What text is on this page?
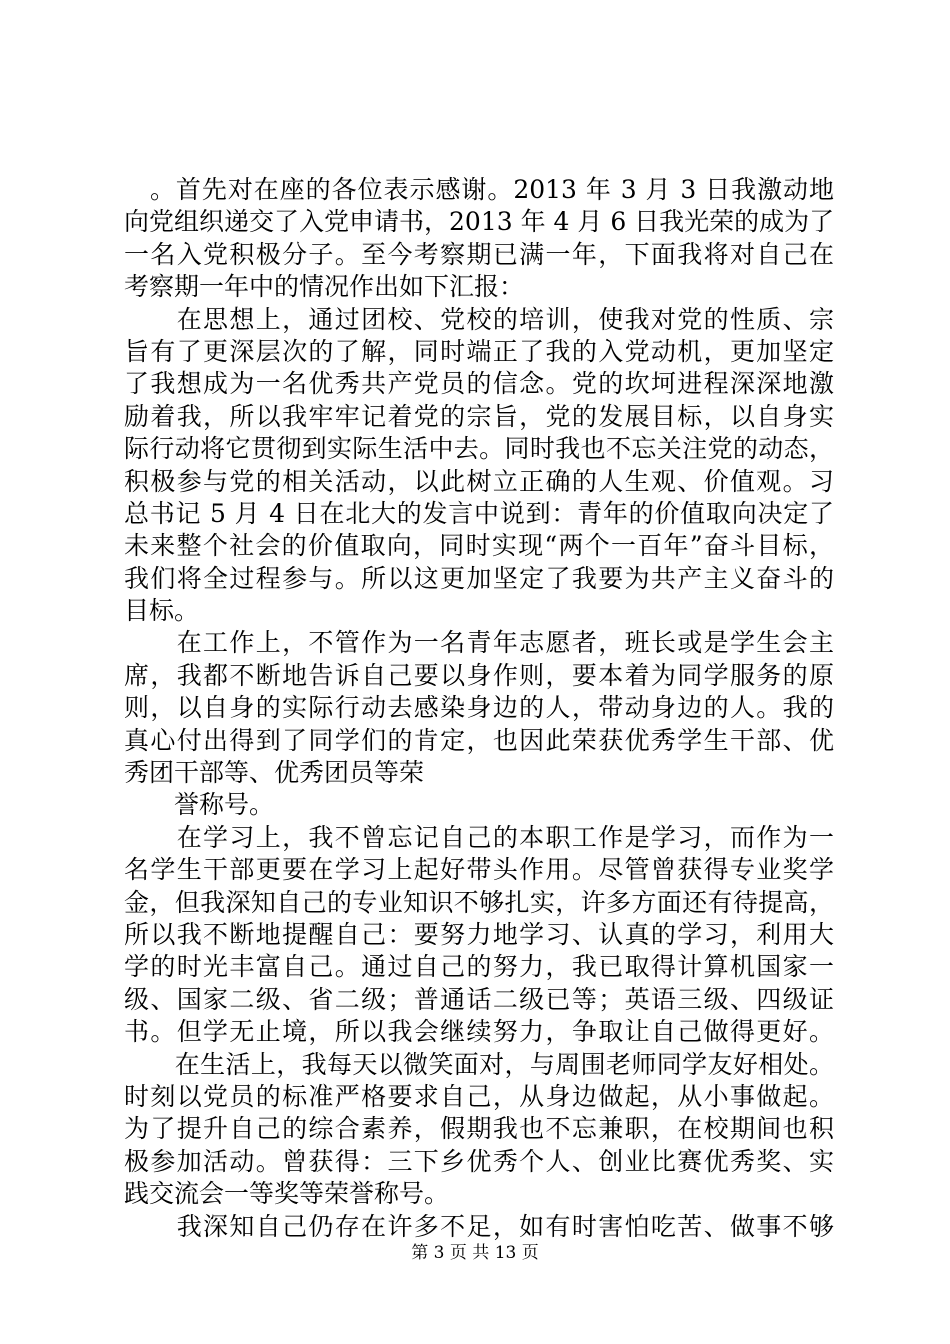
　。首先对在座的各位表示感谢。2013 年 3 月 3 日我激动地
向党组织递交了入党申请书，2013 年 4 月 6 日我光荣的成为了
一名入党积极分子。至今考察期已满一年，下面我将对自己在
考察期一年中的情况作出如下汇报：
　　在思想上，通过团校、党校的培训，使我对党的性质、宗
旨有了更深层次的了解，同时端正了我的入党动机，更加坚定
了我想成为一名优秀共产党员的信念。党的坎坷进程深深地激
励着我，所以我牢牢记着党的宗旨，党的发展目标，以自身实
际行动将它贯彻到实际生活中去。同时我也不忘关注党的动态，
积极参与党的相关活动，以此树立正确的人生观、价值观。习
总书记 5 月 4 日在北大的发言中说到：青年的价值取向决定了
未来整个社会的价值取向，同时实现“两个一百年”奋斗目标，
我们将全过程参与。所以这更加坚定了我要为共产主义奋斗的
目标。
　　在工作上，不管作为一名青年志愿者，班长或是学生会主
席，我都不断地告诉自己要以身作则，要本着为同学服务的原
则，以自身的实际行动去感染身边的人，带动身边的人。我的
真心付出得到了同学们的肯定，也因此荣获优秀学生干部、优
秀团干部等、优秀团员等荣
　　誉称号。
　　在学习上，我不曾忘记自己的本职工作是学习，而作为一
名学生干部更要在学习上起好带头作用。尽管曾获得专业奖学
金，但我深知自己的专业知识不够扎实，许多方面还有待提高，
所以我不断地提醒自己：要努力地学习、认真的学习，利用大
学的时光丰富自己。通过自己的努力，我已取得计算机国家一
级、国家二级、省二级；普通话二级已等；英语三级、四级证
书。但学无止境，所以我会继续努力，争取让自己做得更好。
　　在生活上，我每天以微笑面对，与周围老师同学友好相处。
时刻以党员的标准严格要求自己，从身边做起，从小事做起。
为了提升自己的综合素养，假期我也不忘兼职，在校期间也积
极参加活动。曾获得：三下乡优秀个人、创业比赛优秀奖、实
践交流会一等奖等荣誉称号。
　　我深知自己仍存在许多不足，如有时害怕吃苦、做事不够
第 3 页 共 13 页
